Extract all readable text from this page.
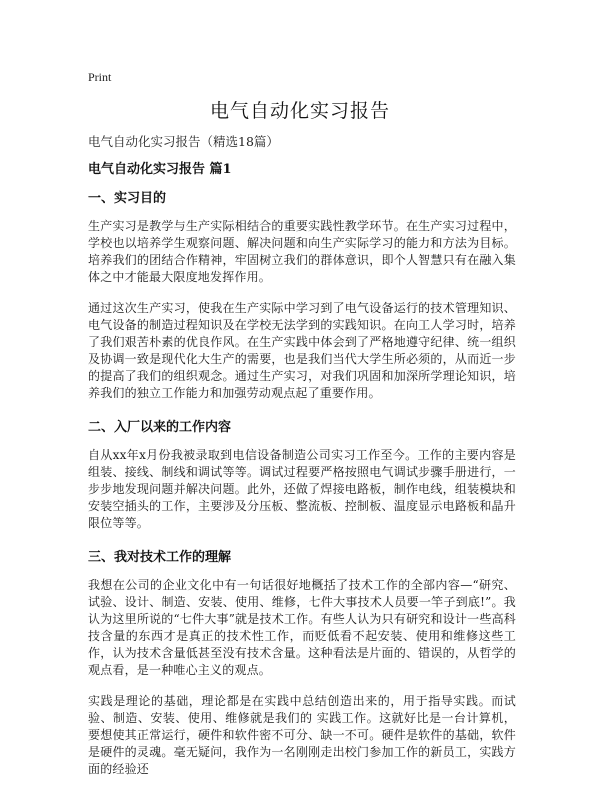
Print
电气自动化实习报告
电气自动化实习报告（精选18篇）
电气自动化实习报告 篇1
一、实习目的

生产实习是教学与生产实际相结合的重要实践性教学环节。在生产实习过程中，学校也以培养学生观察问题、解决问题和向生产实际学习的能力和方法为目标。培养我们的团结合作精神，牢固树立我们的群体意识，即个人智慧只有在融入集体之中才能最大限度地发挥作用。

通过这次生产实习，使我在生产实际中学习到了电气设备运行的技术管理知识、电气设备的制造过程知识及在学校无法学到的实践知识。在向工人学习时，培养了我们艰苦朴素的优良作风。在生产实践中体会到了严格地遵守纪律、统一组织及协调一致是现代化大生产的需要，也是我们当代大学生所必须的，从而近一步的提高了我们的组织观念。通过生产实习，对我们巩固和加深所学理论知识，培养我们的独立工作能力和加强劳动观点起了重要作用。

二、入厂以来的工作内容

自从xx年x月份我被录取到电信设备制造公司实习工作至今。工作的主要内容是组装、接线、制线和调试等等。调试过程要严格按照电气调试步骤手册进行，一步步地发现问题并解决问题。此外，还做了焊接电路板，制作电线，组装模块和安装空插头的工作，主要涉及分压板、整流板、控制板、温度显示电路板和晶升限位等等。

三、我对技术工作的理解

我想在公司的企业文化中有一句话很好地概括了技术工作的全部内容—“研究、试验、设计、制造、安装、使用、维修，七件大事技术人员要一竿子到底!”。我认为这里所说的“七件大事”就是技术工作。有些人认为只有研究和设计一些高科技含量的东西才是真正的技术性工作，而贬低看不起安装、使用和维修这些工作，认为技术含量低甚至没有技术含量。这种看法是片面的、错误的，从哲学的观点看，是一种唯心主义的观点。

实践是理论的基础，理论都是在实践中总结创造出来的，用于指导实践。而试验、制造、安装、使用、维修就是我们的 实践工作。这就好比是一台计算机，要想使其正常运行，硬件和软件密不可分、缺一不可。硬件是软件的基础，软件是硬件的灵魂。毫无疑问，我作为一名刚刚走出校门参加工作的新员工，实践方面的经验还
